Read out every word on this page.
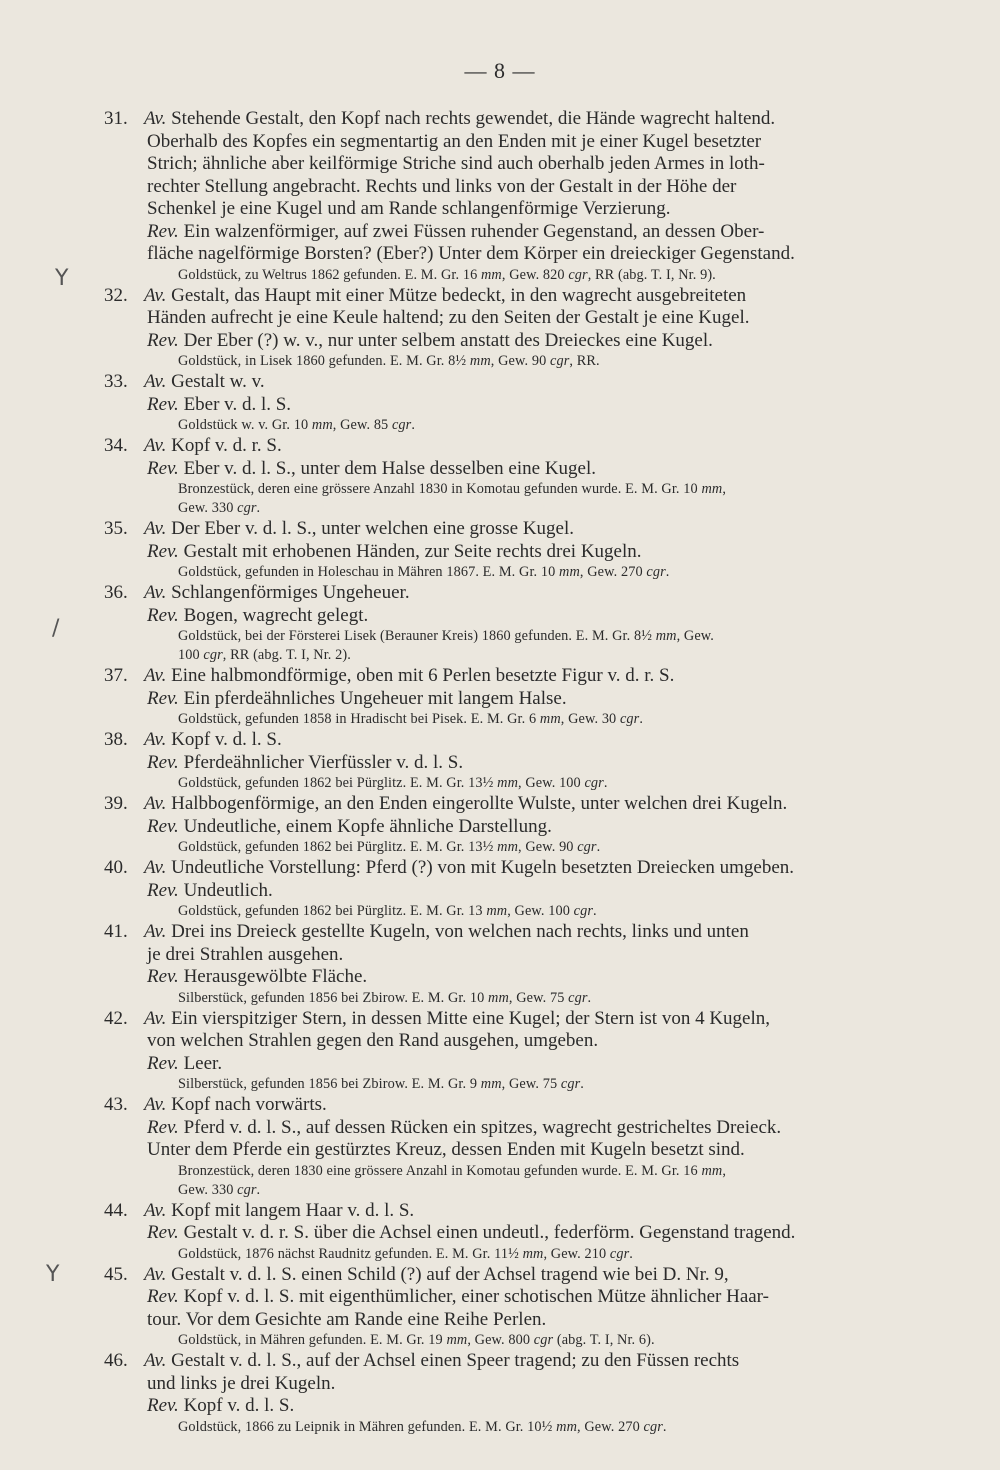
— 8 —
Y
/
Y
31. Av. Stehende Gestalt, den Kopf nach rechts gewendet, die Hände wagrecht haltend.
Oberhalb des Kopfes ein segmentartig an den Enden mit je einer Kugel besetzter
Strich; ähnliche aber keilförmige Striche sind auch oberhalb jeden Armes in loth-
rechter Stellung angebracht. Rechts und links von der Gestalt in der Höhe der
Schenkel je eine Kugel und am Rande schlangenförmige Verzierung.
Rev. Ein walzenförmiger, auf zwei Füssen ruhender Gegenstand, an dessen Ober-
fläche nagelförmige Borsten? (Eber?) Unter dem Körper ein dreieckiger Gegenstand.
Goldstück, zu Weltrus 1862 gefunden. E. M. Gr. 16 mm, Gew. 820 cgr, RR (abg. T. I, Nr. 9).
32. Av. Gestalt, das Haupt mit einer Mütze bedeckt, in den wagrecht ausgebreiteten
Händen aufrecht je eine Keule haltend; zu den Seiten der Gestalt je eine Kugel.
Rev. Der Eber (?) w. v., nur unter selbem anstatt des Dreieckes eine Kugel.
Goldstück, in Lisek 1860 gefunden. E. M. Gr. 8½ mm, Gew. 90 cgr, RR.
33. Av. Gestalt w. v.
Rev. Eber v. d. l. S.
Goldstück w. v. Gr. 10 mm, Gew. 85 cgr.
34. Av. Kopf v. d. r. S.
Rev. Eber v. d. l. S., unter dem Halse desselben eine Kugel.
Bronzestück, deren eine grössere Anzahl 1830 in Komotau gefunden wurde. E. M. Gr. 10 mm,
Gew. 330 cgr.
35. Av. Der Eber v. d. l. S., unter welchen eine grosse Kugel.
Rev. Gestalt mit erhobenen Händen, zur Seite rechts drei Kugeln.
Goldstück, gefunden in Holeschau in Mähren 1867. E. M. Gr. 10 mm, Gew. 270 cgr.
36. Av. Schlangenförmiges Ungeheuer.
Rev. Bogen, wagrecht gelegt.
Goldstück, bei der Försterei Lisek (Berauner Kreis) 1860 gefunden. E. M. Gr. 8½ mm, Gew.
100 cgr, RR (abg. T. I, Nr. 2).
37. Av. Eine halbmondförmige, oben mit 6 Perlen besetzte Figur v. d. r. S.
Rev. Ein pferdeähnliches Ungeheuer mit langem Halse.
Goldstück, gefunden 1858 in Hradischt bei Pisek. E. M. Gr. 6 mm, Gew. 30 cgr.
38. Av. Kopf v. d. l. S.
Rev. Pferdeähnlicher Vierfüssler v. d. l. S.
Goldstück, gefunden 1862 bei Pürglitz. E. M. Gr. 13½ mm, Gew. 100 cgr.
39. Av. Halbbogenförmige, an den Enden eingerollte Wulste, unter welchen drei Kugeln.
Rev. Undeutliche, einem Kopfe ähnliche Darstellung.
Goldstück, gefunden 1862 bei Pürglitz. E. M. Gr. 13½ mm, Gew. 90 cgr.
40. Av. Undeutliche Vorstellung: Pferd (?) von mit Kugeln besetzten Dreiecken umgeben.
Rev. Undeutlich.
Goldstück, gefunden 1862 bei Pürglitz. E. M. Gr. 13 mm, Gew. 100 cgr.
41. Av. Drei ins Dreieck gestellte Kugeln, von welchen nach rechts, links und unten
je drei Strahlen ausgehen.
Rev. Herausgewölbte Fläche.
Silberstück, gefunden 1856 bei Zbirow. E. M. Gr. 10 mm, Gew. 75 cgr.
42. Av. Ein vierspitziger Stern, in dessen Mitte eine Kugel; der Stern ist von 4 Kugeln,
von welchen Strahlen gegen den Rand ausgehen, umgeben.
Rev. Leer.
Silberstück, gefunden 1856 bei Zbirow. E. M. Gr. 9 mm, Gew. 75 cgr.
43. Av. Kopf nach vorwärts.
Rev. Pferd v. d. l. S., auf dessen Rücken ein spitzes, wagrecht gestricheltes Dreieck.
Unter dem Pferde ein gestürztes Kreuz, dessen Enden mit Kugeln besetzt sind.
Bronzestück, deren 1830 eine grössere Anzahl in Komotau gefunden wurde. E. M. Gr. 16 mm,
Gew. 330 cgr.
44. Av. Kopf mit langem Haar v. d. l. S.
Rev. Gestalt v. d. r. S. über die Achsel einen undeutl., federförm. Gegenstand tragend.
Goldstück, 1876 nächst Raudnitz gefunden. E. M. Gr. 11½ mm, Gew. 210 cgr.
45. Av. Gestalt v. d. l. S. einen Schild (?) auf der Achsel tragend wie bei D. Nr. 9,
Rev. Kopf v. d. l. S. mit eigenthümlicher, einer schotischen Mütze ähnlicher Haar-
tour. Vor dem Gesichte am Rande eine Reihe Perlen.
Goldstück, in Mähren gefunden. E. M. Gr. 19 mm, Gew. 800 cgr (abg. T. I, Nr. 6).
46. Av. Gestalt v. d. l. S., auf der Achsel einen Speer tragend; zu den Füssen rechts
und links je drei Kugeln.
Rev. Kopf v. d. l. S.
Goldstück, 1866 zu Leipnik in Mähren gefunden. E. M. Gr. 10½ mm, Gew. 270 cgr.
